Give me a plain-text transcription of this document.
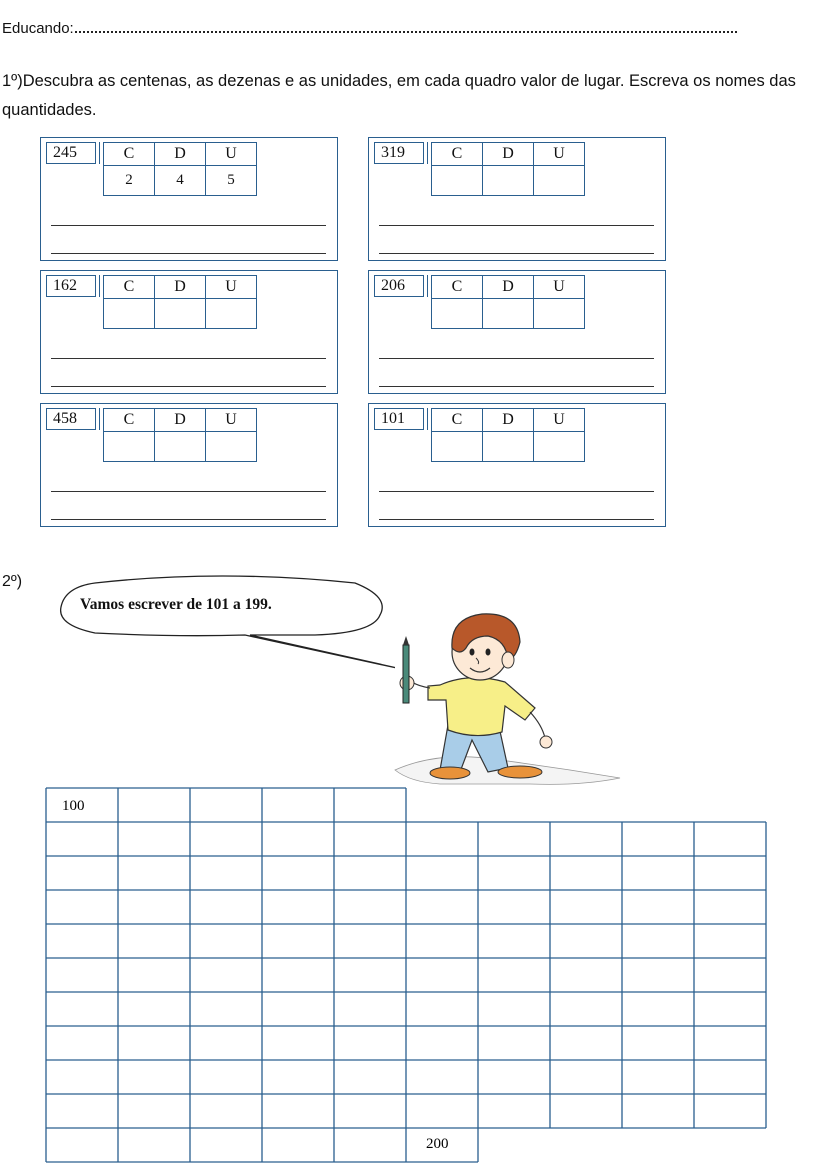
Educando:
1º)Descubra as centenas, as dezenas e as unidades, em cada quadro valor de lugar. Escreva os nomes das quantidades.
245	C	D	U
2	4	5
319	C	D	U

162	C	D	U
			206	C	D	U

458	C	D	U
			101	C	D	U

2º)
Vamos escrever de 101 a 199.
100
200
